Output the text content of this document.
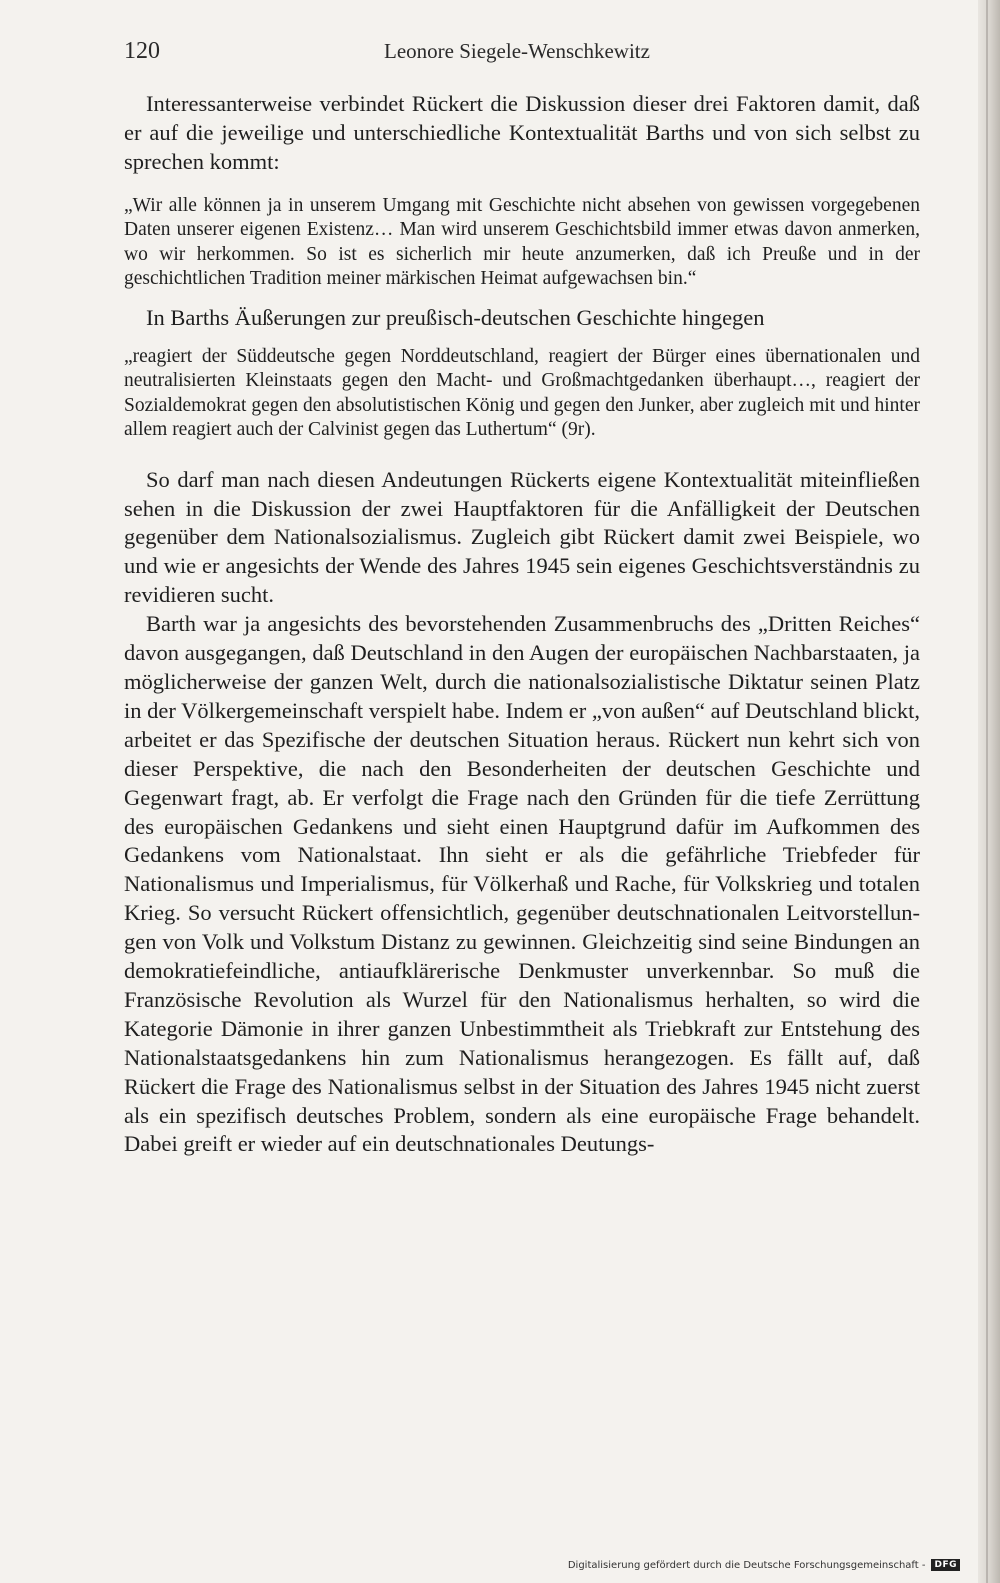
120	Leonore Siegele-Wenschkewitz

Interessanterweise verbindet Rückert die Diskussion dieser drei Faktoren damit, daß er auf die jeweilige und unterschiedliche Kontextualität Barths und von sich selbst zu sprechen kommt:

„Wir alle können ja in unserem Umgang mit Geschichte nicht absehen von gewissen vorgegebenen Daten unserer eigenen Existenz… Man wird unserem Geschichtsbild immer etwas davon anmerken, wo wir herkommen. So ist es sicherlich mir heute anzumerken, daß ich Preuße und in der geschichtlichen Tradition meiner märkischen Heimat aufgewachsen bin.“

In Barths Äußerungen zur preußisch-deutschen Geschichte hingegen

„reagiert der Süddeutsche gegen Norddeutschland, reagiert der Bürger eines übernationalen und neutralisierten Kleinstaats gegen den Macht- und Großmachtgedanken überhaupt…, reagiert der Sozialdemokrat gegen den absolutistischen König und gegen den Junker, aber zugleich mit und hinter allem reagiert auch der Calvinist gegen das Luthertum“ (9r).

So darf man nach diesen Andeutungen Rückerts eigene Kontextualität miteinfließen sehen in die Diskussion der zwei Hauptfaktoren für die Anfälligkeit der Deutschen gegenüber dem Nationalsozialismus. Zugleich gibt Rückert damit zwei Beispiele, wo und wie er angesichts der Wende des Jahres 1945 sein eigenes Geschichtsverständnis zu revidieren sucht.

Barth war ja angesichts des bevorstehenden Zusammenbruchs des „Dritten Reiches“ davon ausgegangen, daß Deutschland in den Augen der europäischen Nachbarstaaten, ja möglicherweise der ganzen Welt, durch die nationalsozialistische Diktatur seinen Platz in der Völkergemeinschaft verspielt habe. Indem er „von außen“ auf Deutschland blickt, arbeitet er das Spezifische der deutschen Situation heraus. Rückert nun kehrt sich von dieser Perspektive, die nach den Besonderheiten der deutschen Geschichte und Gegenwart fragt, ab. Er verfolgt die Frage nach den Gründen für die tiefe Zerrüttung des europäischen Gedankens und sieht einen Hauptgrund dafür im Aufkommen des Gedankens vom Nationalstaat. Ihn sieht er als die gefährliche Triebfeder für Nationalismus und Imperialismus, für Völkerhaß und Rache, für Volkskrieg und totalen Krieg. So versucht Rückert offensichtlich, gegenüber deutschnationalen Leitvorstellungen von Volk und Volkstum Distanz zu gewinnen. Gleichzeitig sind seine Bindungen an demokratiefeindliche, antiaufklärerische Denkmuster unverkennbar. So muß die Französische Revolution als Wurzel für den Nationalismus herhalten, so wird die Kategorie Dämonie in ihrer ganzen Unbestimmtheit als Triebkraft zur Entstehung des Nationalstaatsgedankens hin zum Nationalismus herangezogen. Es fällt auf, daß Rückert die Frage des Nationalismus selbst in der Situation des Jahres 1945 nicht zuerst als ein spezifisch deutsches Problem, sondern als eine europäische Frage behandelt. Dabei greift er wieder auf ein deutschnationales Deutungs-

Digitalisierung gefördert durch die Deutsche Forschungsgemeinschaft -	DFG
